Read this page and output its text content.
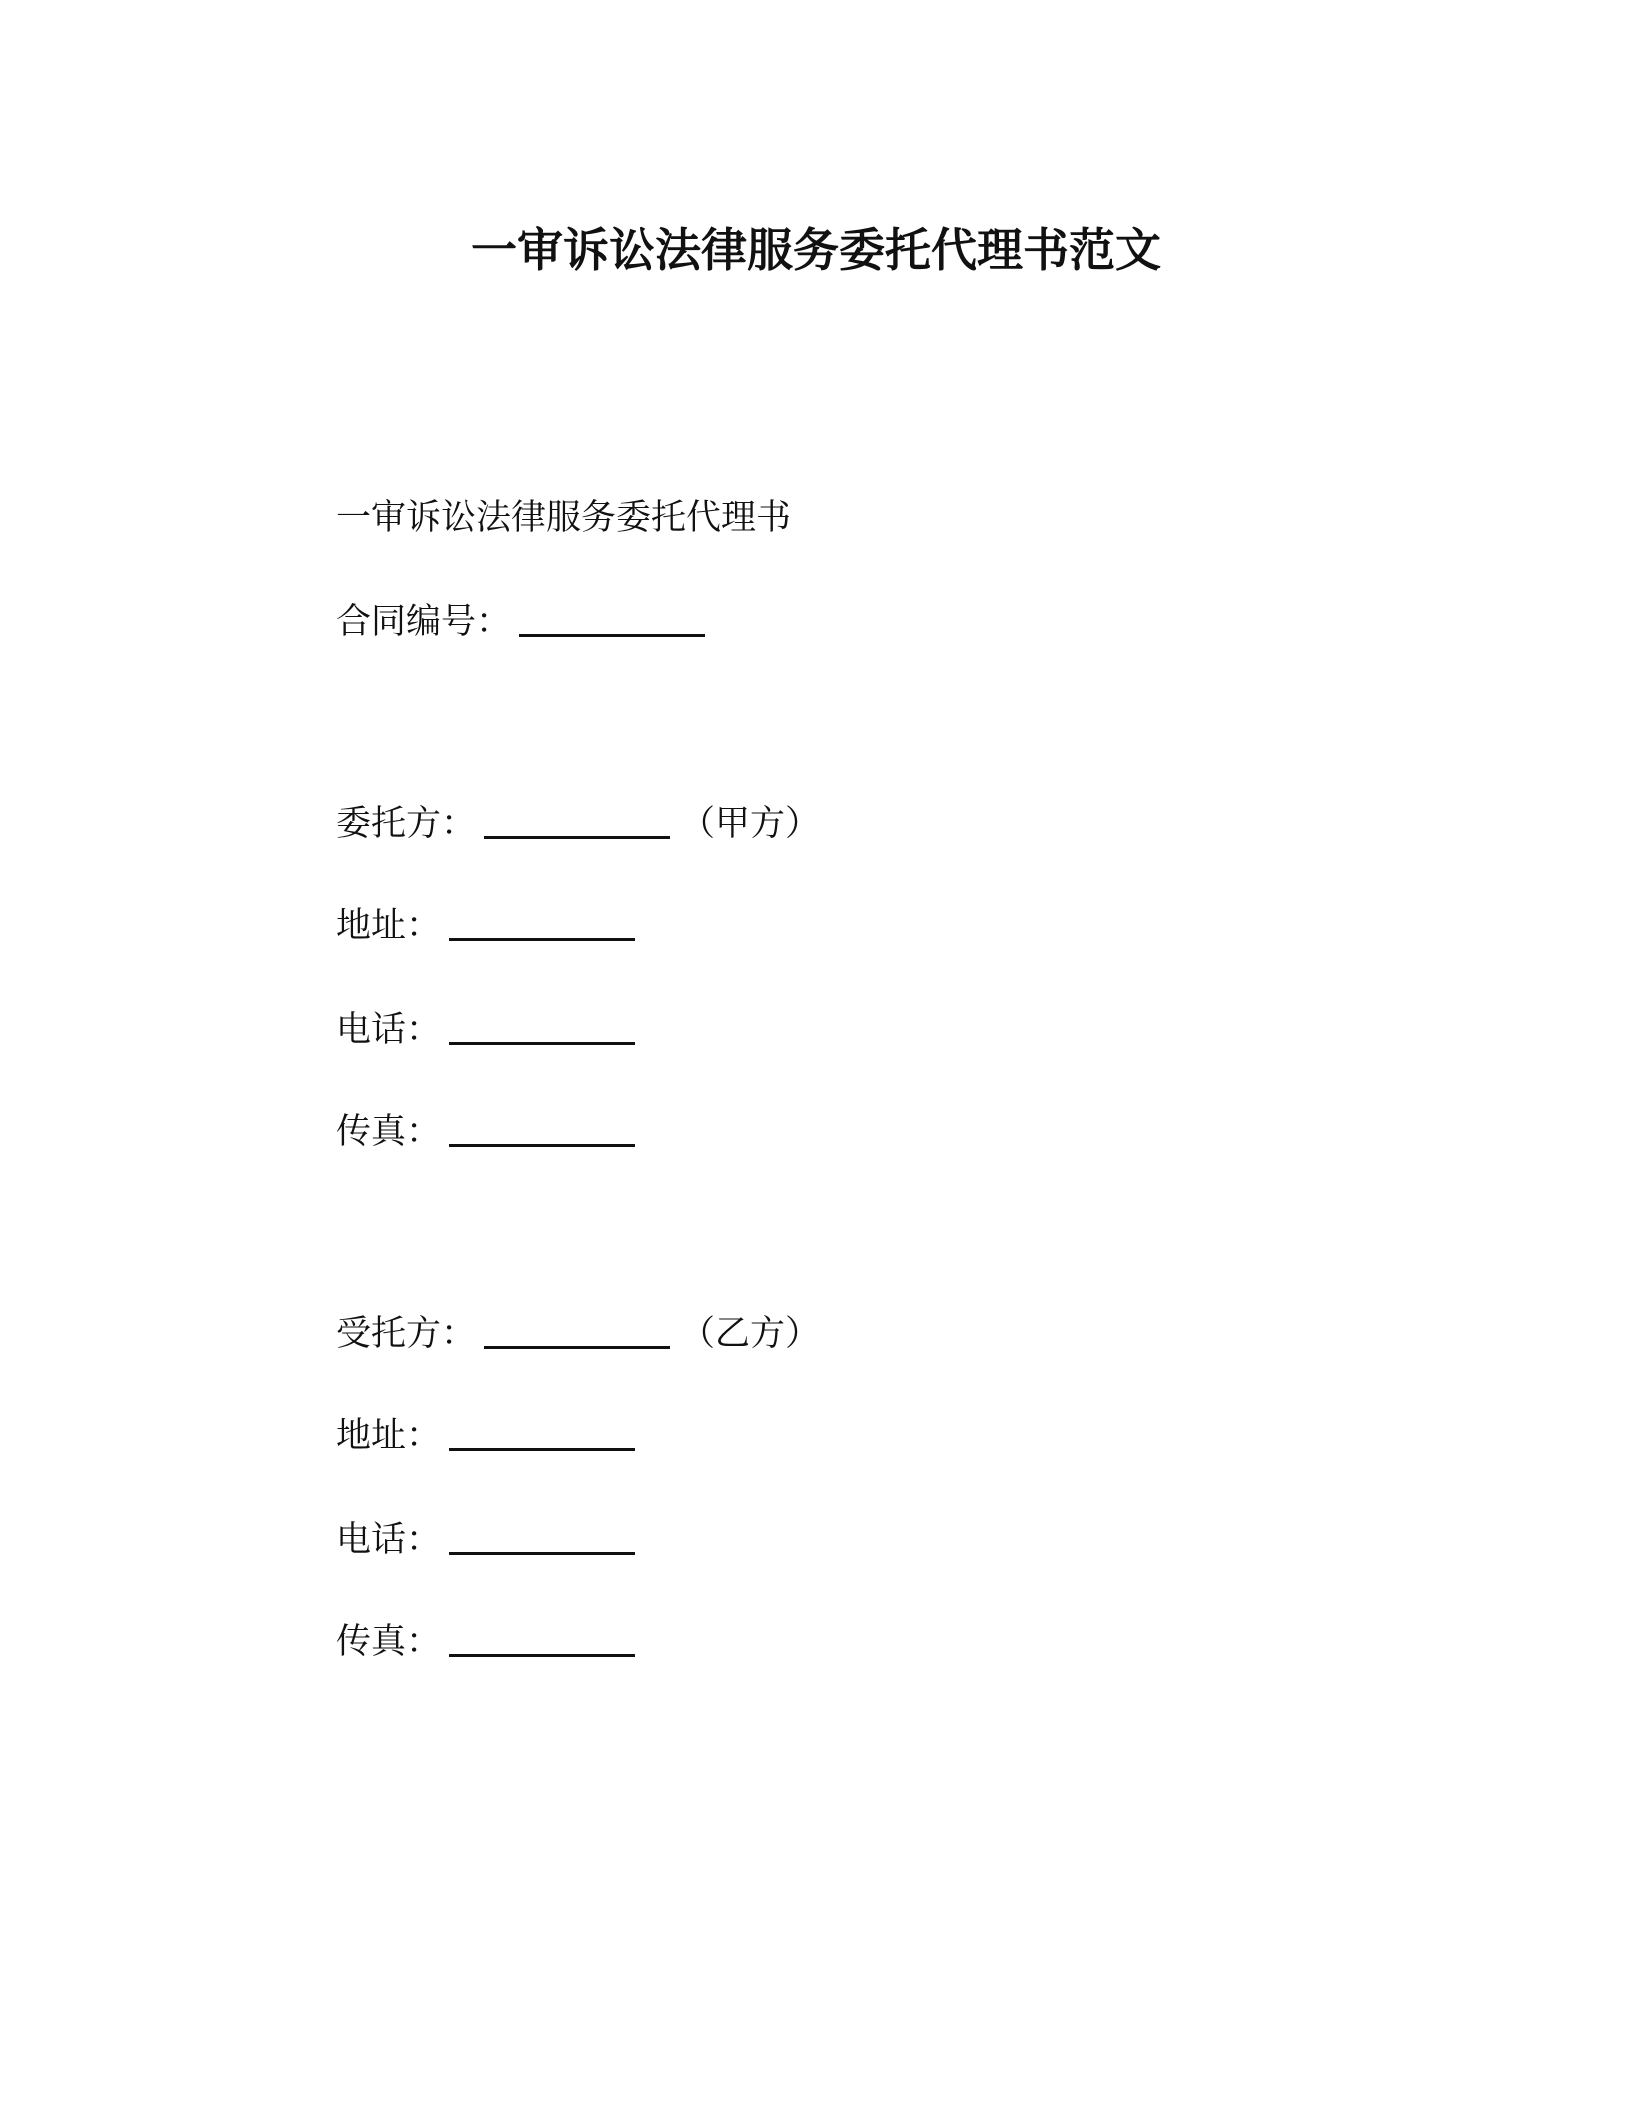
一审诉讼法律服务委托代理书范文
一审诉讼法律服务委托代理书
合同编号：
委托方：	（甲方）
地址：
电话：
传真：
受托方：	（乙方）
地址：
电话：
传真：
